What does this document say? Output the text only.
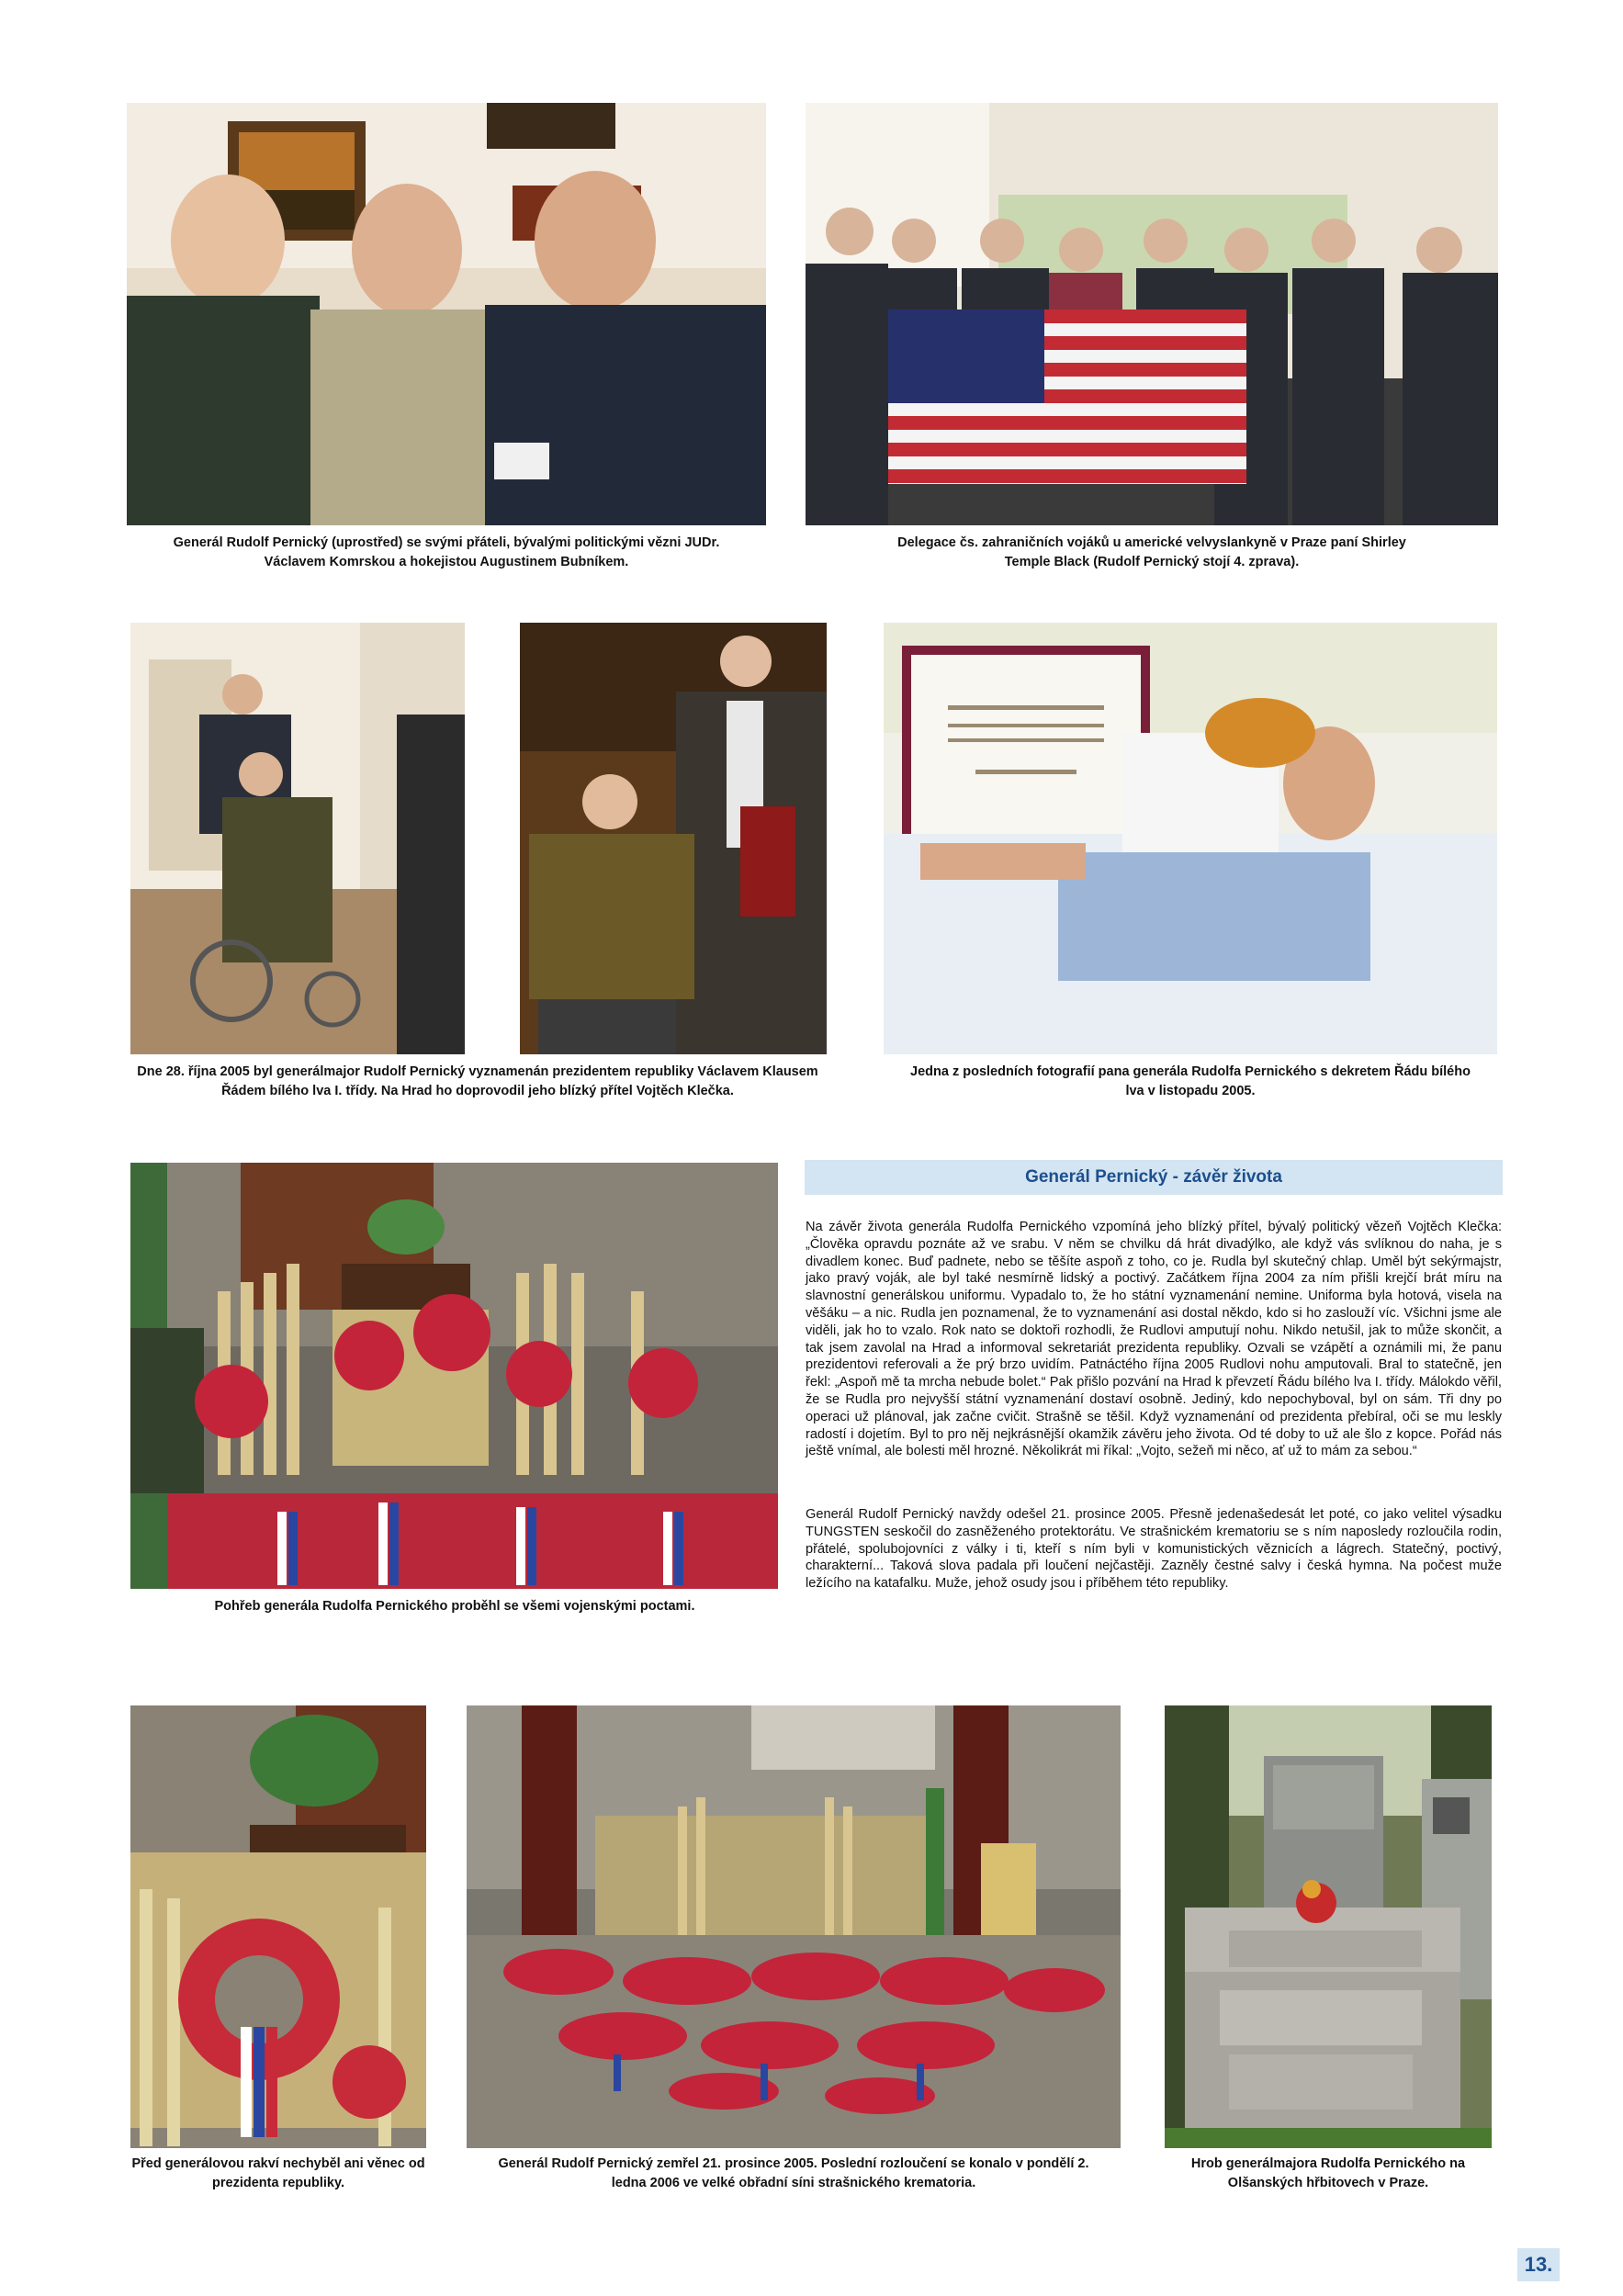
Generál Rudolf Pernický (uprostřed) se svými přáteli, bývalými politickými vězni JUDr. Václavem Komrskou a hokejistou Augustinem Bubníkem.
Delegace čs. zahraničních vojáků u americké velvyslankyně v Praze paní Shirley Temple Black (Rudolf Pernický stojí 4. zprava).
Dne 28. října 2005 byl generálmajor Rudolf Pernický vyznamenán prezidentem republiky Václavem Klausem Řádem bílého lva I. třídy. Na Hrad ho doprovodil jeho blízký přítel Vojtěch Klečka.
Jedna z posledních fotografií pana generála Rudolfa Pernického s dekretem Řádu bílého lva v listopadu 2005.
Pohřeb generála Rudolfa Pernického proběhl se všemi vojenskými poctami.
Generál Pernický - závěr života
Na závěr života generála Rudolfa Pernického vzpomíná jeho blízký přítel, bývalý politický vězeň Vojtěch Klečka: „Člověka opravdu poznáte až ve srabu. V něm se chvilku dá hrát divadýlko, ale když vás svlíknou do naha, je s divadlem konec. Buď padnete, nebo se těšíte aspoň z toho, co je. Rudla byl skutečný chlap. Uměl být sekýrmajstr, jako pravý voják, ale byl také nesmírně lidský a poctivý. Začátkem října 2004 za ním přišli krejčí brát míru na slavnostní generálskou uniformu. Vypadalo to, že ho státní vyznamenání nemine. Uniforma byla hotová, visela na věšáku – a nic. Rudla jen poznamenal, že to vyznamenání asi dostal někdo, kdo si ho zaslouží víc. Všichni jsme ale viděli, jak ho to vzalo. Rok nato se doktoři rozhodli, že Rudlovi amputují nohu. Nikdo netušil, jak to může skončit, a tak jsem zavolal na Hrad a informoval sekretariát prezidenta republiky. Ozvali se vzápětí a oznámili mi, že panu prezidentovi referovali a že prý brzo uvidím. Patnáctého října 2005 Rudlovi nohu amputovali. Bral to statečně, jen řekl: „Aspoň mě ta mrcha nebude bolet.“ Pak přišlo pozvání na Hrad k převzetí Řádu bílého lva I. třídy. Málokdo věřil, že se Rudla pro nejvyšší státní vyznamenání dostaví osobně. Jediný, kdo nepochyboval, byl on sám. Tři dny po operaci už plánoval, jak začne cvičit. Strašně se těšil. Když vyznamenání od prezidenta přebíral, oči se mu leskly radostí i dojetím. Byl to pro něj nejkrásnější okamžik závěru jeho života. Od té doby to už ale šlo z kopce. Pořád nás ještě vnímal, ale bolesti měl hrozné. Několikrát mi říkal: „Vojto, sežeň mi něco, ať už to mám za sebou.“
Generál Rudolf Pernický navždy odešel 21. prosince 2005. Přesně jedenašedesát let poté, co jako velitel výsadku TUNGSTEN seskočil do zasněženého protektorátu. Ve strašnickém krematoriu se s ním naposledy rozloučila rodin, přátelé, spolubojovníci z války i ti, kteří s ním byli v komunistických věznicích a lágrech. Statečný, poctivý, charakterní... Taková slova padala při loučení nejčastěji. Zazněly čestné salvy i česká hymna. Na počest muže ležícího na katafalku. Muže, jehož osudy jsou i příběhem této republiky.
Před generálovou rakví nechyběl ani věnec od prezidenta republiky.
Generál Rudolf Pernický zemřel 21. prosince 2005. Poslední rozloučení se konalo v pondělí 2. ledna 2006 ve velké obřadní síni strašnického krematoria.
Hrob generálmajora Rudolfa Pernického na Olšanských hřbitovech v Praze.
13.
